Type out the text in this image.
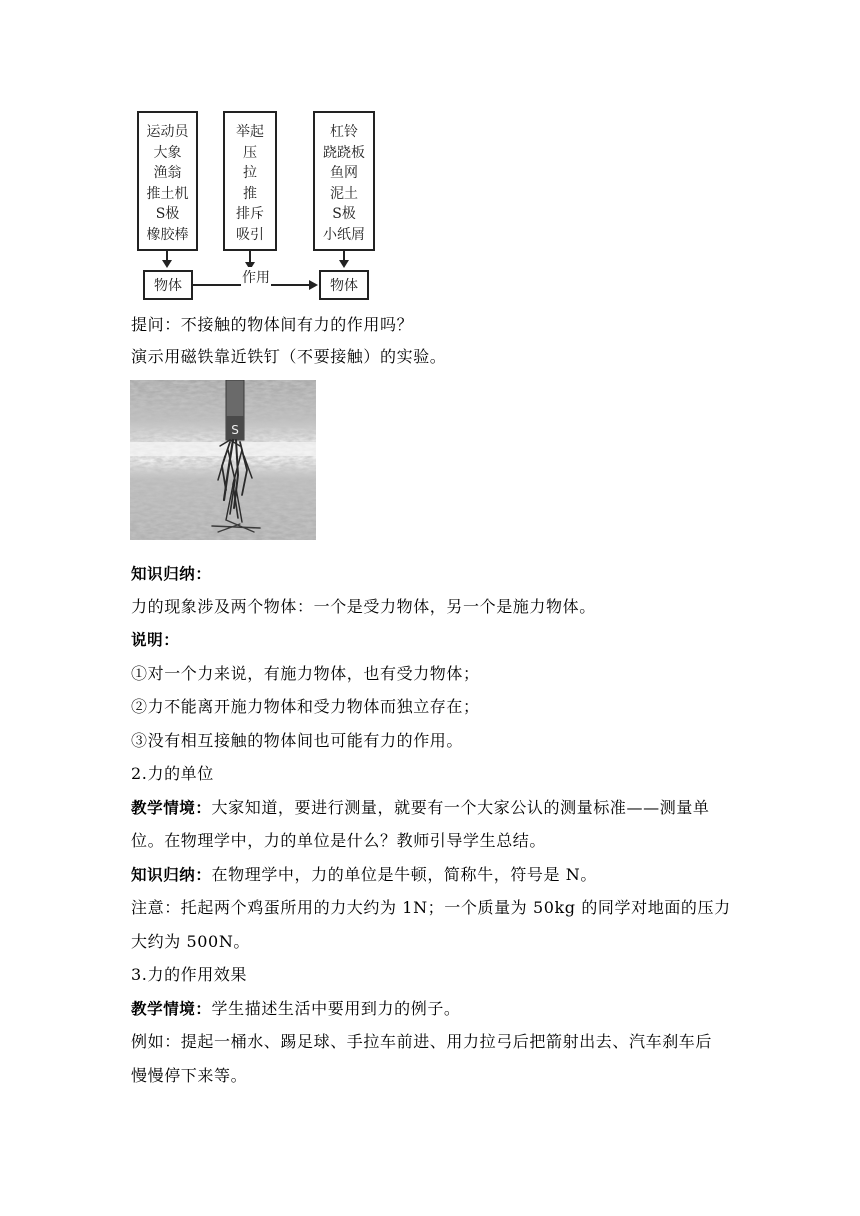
运动员
大象
渔翁
推土机
S极
橡胶棒
举起
压
拉
推
排斥
吸引
杠铃
跷跷板
鱼网
泥土
S极
小纸屑
物体	物体
作用
提问：不接触的物体间有力的作用吗？
演示用磁铁靠近铁钉（不要接触）的实验。
S
知识归纳：
力的现象涉及两个物体：一个是受力物体，另一个是施力物体。
说明：
①对一个力来说，有施力物体，也有受力物体；
②力不能离开施力物体和受力物体而独立存在；
③没有相互接触的物体间也可能有力的作用。
2.力的单位
教学情境：大家知道，要进行测量，就要有一个大家公认的测量标准——测量单
位。在物理学中，力的单位是什么？教师引导学生总结。
知识归纳：在物理学中，力的单位是牛顿，简称牛，符号是 N。
注意：托起两个鸡蛋所用的力大约为 1N；一个质量为 50kg 的同学对地面的压力
大约为 500N。
3.力的作用效果
教学情境：学生描述生活中要用到力的例子。
例如：提起一桶水、踢足球、手拉车前进、用力拉弓后把箭射出去、汽车刹车后
慢慢停下来等。
